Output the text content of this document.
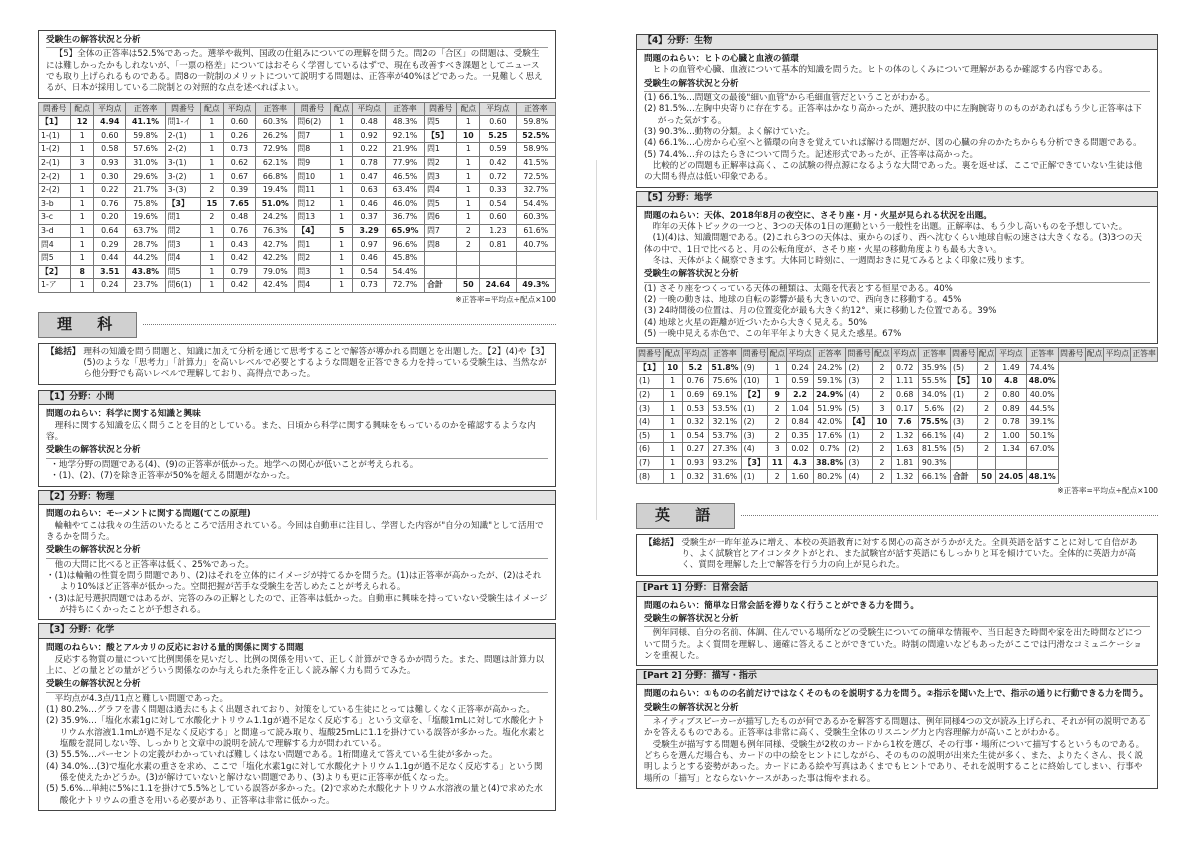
受験生の解答状況と分析
【5】全体の正答率は52.5%であった。選挙や裁判、国政の仕組みについての理解を問うた。問2の「合区」の問題は、受験生には難しかったかもしれないが、「一票の格差」についてはおそらく学習しているはずで、現在も改善すべき課題としてニュースでも取り上げられるものである。問8の一院制のメリットについて説明する問題は、正答率が40%ほどであった。一見難しく思えるが、日本が採用している二院制との対照的な点を述べればよい。
問番号	配点	平均点	正答率	問番号	配点	平均点	正答率	問番号	配点	平均点	正答率	問番号	配点	平均点	正答率
【1】	12	4.94	41.1%	問1-イ	1	0.60	60.3%	問6(2)	1	0.48	48.3%	問5	1	0.60	59.8%
1-(1)	1	0.60	59.8%	2-(1)	1	0.26	26.2%	問7	1	0.92	92.1%	【5】	10	5.25	52.5%
1-(2)	1	0.58	57.6%	2-(2)	1	0.73	72.9%	問8	1	0.22	21.9%	問1	1	0.59	58.9%
2-(1)	3	0.93	31.0%	3-(1)	1	0.62	62.1%	問9	1	0.78	77.9%	問2	1	0.42	41.5%
2-(2)	1	0.30	29.6%	3-(2)	1	0.67	66.8%	問10	1	0.47	46.5%	問3	1	0.72	72.5%
2-(2)	1	0.22	21.7%	3-(3)	2	0.39	19.4%	問11	1	0.63	63.4%	問4	1	0.33	32.7%
3-b	1	0.76	75.8%	【3】	15	7.65	51.0%	問12	1	0.46	46.0%	問5	1	0.54	54.4%
3-c	1	0.20	19.6%	問1	2	0.48	24.2%	問13	1	0.37	36.7%	問6	1	0.60	60.3%
3-d	1	0.64	63.7%	問2	1	0.76	76.3%	【4】	5	3.29	65.9%	問7	2	1.23	61.6%
問4	1	0.29	28.7%	問3	1	0.43	42.7%	問1	1	0.97	96.6%	問8	2	0.81	40.7%
問5	1	0.44	44.2%	問4	1	0.42	42.2%	問2	1	0.46	45.8%				
【2】	8	3.51	43.8%	問5	1	0.79	79.0%	問3	1	0.54	54.4%				
1-ア	1	0.24	23.7%	問6(1)	1	0.42	42.4%	問4	1	0.73	72.7%	合計	50	24.64	49.3%
※正答率=平均点÷配点×100
理 科
【総括】 理科の知識を問う問題と、知識に加えて分析を通じて思考することで解答が導かれる問題とを出題した。【2】(4)や【3】(5)のような「思考力」「計算力」を高いレベルで必要とするような問題を正答できる力を持っている受験生は、当然ながら他分野でも高いレベルで理解しており、高得点であった。
【1】分野：小問
問題のねらい：科学に関する知識と興味
理科に関する知識を広く問うことを目的としている。また、日頃から科学に関する興味をもっているのかを確認するような内容。
受験生の解答状況と分析
・地学分野の問題である(4)、(9)の正答率が低かった。地学への関心が低いことが考えられる。
・(1)、(2)、(7)を除き正答率が50%を超える問題がなかった。
【2】分野：物理
問題のねらい：モーメントに関する問題(てこの原理)
輪軸やてこは我々の生活のいたるところで活用されている。今回は自動車に注目し、学習した内容が"自分の知識"として活用できるかを問うた。
受験生の解答状況と分析
他の大問に比べると正答率は低く、25%であった。
・(1)は輪軸の性質を問う問題であり、(2)はそれを立体的にイメージが持てるかを問うた。(1)は正答率が高かったが、(2)はそれより10%ほど正答率が低かった。空間把握が苦手な受験生を苦しめたことが考えられる。
・(3)は記号選択問題ではあるが、完答のみの正解としたので、正答率は低かった。自動車に興味を持っていない受験生はイメージが持ちにくかったことが予想される。
【3】分野：化学
問題のねらい：酸とアルカリの反応における量的関係に関する問題
反応する物質の量について比例関係を見いだし、比例の関係を用いて、正しく計算ができるかが問うた。また、問題は計算力以上に、どの量とどの量がどういう関係なのか与えられた条件を正しく読み解く力も問うてみた。
受験生の解答状況と分析
平均点が4.3点/11点と難しい問題であった。
(1) 80.2%…グラフを書く問題は過去にもよく出題されており、対策をしている生徒にとっては難しくなく正答率が高かった。
(2) 35.9%…「塩化水素1gに対して水酸化ナトリウム1.1gが過不足なく反応する」という文章を、「塩酸1mLに対して水酸化ナトリウム水溶液1.1mLが過不足なく反応する」と間違って読み取り、塩酸25mLに1.1を掛けている誤答が多かった。塩化水素と塩酸を混同しない等、しっかりと文章中の説明を読んで理解する力が問われている。
(3) 55.5%…パーセントの定義がわかっていれば難しくはない問題である。1桁間違えて答えている生徒が多かった。
(4) 34.0%…(3)で塩化水素の重さを求め、ここで「塩化水素1gに対して水酸化ナトリウム1.1gが過不足なく反応する」という関係を使えたかどうか。(3)が解けていないと解けない問題であり、(3)よりも更に正答率が低くなった。
(5) 5.6%…単純に5%に1.1を掛けて5.5%としている誤答が多かった。(2)で求めた水酸化ナトリウム水溶液の量と(4)で求めた水酸化ナトリウムの重さを用いる必要があり、正答率は非常に低かった。
【4】分野：生物
問題のねらい：ヒトの心臓と血液の循環
ヒトの血管や心臓、血液について基本的知識を問うた。ヒトの体のしくみについて理解があるか確認する内容である。
受験生の解答状況と分析
(1) 66.1%…問題文の最後"細い血管"から毛細血管だということがわかる。
(2) 81.5%…左胸中央寄りに存在する。正答率はかなり高かったが、選択肢の中に左胸腕寄りのものがあればもう少し正答率は下がった気がする。
(3) 90.3%…動物の分類。よく解けていた。
(4) 66.1%…心房から心室へと循環の向きを覚えていれば解ける問題だが、図の心臓の弁のかたちからも分析できる問題である。
(5) 74.4%…弁のはたらきについて問うた。記述形式であったが、正答率は高かった。
比較的どの問題も正解率は高く、この試験の得点源になるような大問であった。裏を返せば、ここで正解できていない生徒は他の大問も得点は低い印象である。
【5】分野：地学
問題のねらい：天体、2018年8月の夜空に、さそり座・月・火星が見られる状況を出題。
昨年の天体トピックの一つと、3つの天体の1日の運動という一般性を出題。正解率は、もう少し高いものを予想していた。
(1)(4)は、知識問題である。(2)これら3つの天体は、東からのぼり、西へ沈むくらい地球自転の速さは大きくなる。(3)3つの天体の中で、1日で比べると、月の公転角度が、さそり座・火星の移動角度よりも最も大きい。
冬は、天体がよく観察できます。大体同じ時刻に、一週間おきに見てみるとよく印象に残ります。
受験生の解答状況と分析
(1) さそり座をつくっている天体の種類は、太陽を代表とする恒星である。40%
(2) 一晩の動きは、地球の自転の影響が最も大きいので、西向きに移動する。45%
(3) 24時間後の位置は、月の位置変化が最も大きく約12°、東に移動した位置である。39%
(4) 地球と火星の距離が近づいたから大きく見える。50%
(5) 一晩中見える赤色で、この年平年より大きく見えた惑星。67%
問番号	配点	平均点	正答率	問番号	配点	平均点	正答率	問番号	配点	平均点	正答率	問番号	配点	平均点	正答率	問番号	配点	平均点	正答率
【1】	10	5.2	51.8%	(9)	1	0.24	24.2%	(2)	2	0.72	35.9%	(5)	2	1.49	74.4%				
(1)	1	0.76	75.6%	(10)	1	0.59	59.1%	(3)	2	1.11	55.5%	【5】	10	4.8	48.0%				
(2)	1	0.69	69.1%	【2】	9	2.2	24.9%	(4)	2	0.68	34.0%	(1)	2	0.80	40.0%				
(3)	1	0.53	53.5%	(1)	2	1.04	51.9%	(5)	3	0.17	5.6%	(2)	2	0.89	44.5%				
(4)	1	0.32	32.1%	(2)	2	0.84	42.0%	【4】	10	7.6	75.5%	(3)	2	0.78	39.1%				
(5)	1	0.54	53.7%	(3)	2	0.35	17.6%	(1)	2	1.32	66.1%	(4)	2	1.00	50.1%				
(6)	1	0.27	27.3%	(4)	3	0.02	0.7%	(2)	2	1.63	81.5%	(5)	2	1.34	67.0%				
(7)	1	0.93	93.2%	【3】	11	4.3	38.8%	(3)	2	1.81	90.3%								
(8)	1	0.32	31.6%	(1)	2	1.60	80.2%	(4)	2	1.32	66.1%	合計	50	24.05	48.1%				
※正答率=平均点÷配点×100
英 語
【総括】 受験生が一昨年並みに増え、本校の英語教育に対する関心の高さがうかがえた。全員英語を話すことに対して自信があり、よく試験官とアイコンタクトがとれ、また試験官が話す英語にもしっかりと耳を傾けていた。全体的に英語力が高く、質問を理解した上で解答を行う力の向上が見られた。
[Part 1] 分野：日常会話
問題のねらい：簡単な日常会話を滞りなく行うことができる力を問う。
受験生の解答状況と分析
例年同様、自分の名前、体調、住んでいる場所などの受験生についての簡単な情報や、当日起きた時間や家を出た時間などについて問うた。よく質問を理解し、適確に答えることができていた。時制の間違いなどもあったがここでは円滑なコミュニケーションを重視した。
[Part 2] 分野：描写・指示
問題のねらい：①ものの名前だけではなくそのものを説明する力を問う。②指示を聞いた上で、指示の通りに行動できる力を問う。
受験生の解答状況と分析
ネイティブスピーカーが描写したものが何であるかを解答する問題は、例年同様4つの文が読み上げられ、それが何の説明であるかを答えるものである。正答率は非常に高く、受験生全体のリスニング力と内容理解力が高いことがわかる。
受験生が描写する問題も例年同様、受験生が2枚のカードから1枚を選び、その行事・場所について描写するというものである。どちらを選んだ場合も、カードの中の絵をヒントにしながら、そのものの説明が出来た生徒が多く、また、よりたくさん、長く説明しようとする姿勢があった。カードにある絵や写真はあくまでもヒントであり、それを説明することに終始してしまい、行事や場所の「描写」とならないケースがあった事は悔やまれる。
